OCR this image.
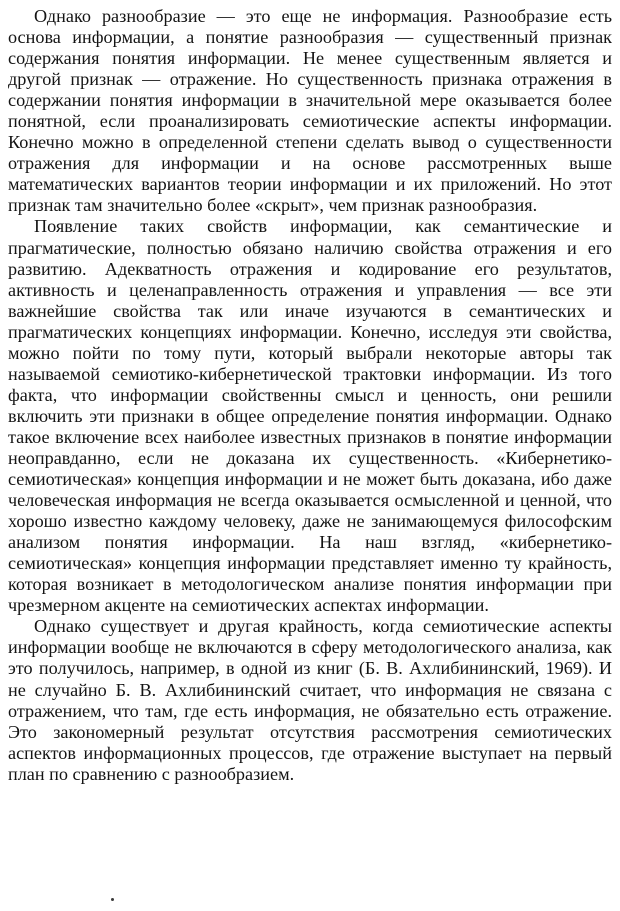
Однако разнообразие — это еще не информация. Разнообразие есть основа информации, а понятие разнообразия — существенный признак содержания понятия информации. Не менее существенным является и другой признак — отражение. Но существенность признака отражения в содержании понятия информации в значительной мере оказывается более понятной, если проанализировать семиотические аспекты информации. Конечно можно в определенной степени сделать вывод о существенности отражения для информации и на основе рассмотренных выше математических вариантов теории информации и их приложений. Но этот признак там значительно более «скрыт», чем признак разнообразия.

Появление таких свойств информации, как семантические и прагматические, полностью обязано наличию свойства отражения и его развитию. Адекватность отражения и кодирование его результатов, активность и целенаправленность отражения и управления — все эти важнейшие свойства так или иначе изучаются в семантических и прагматических концепциях информации. Конечно, исследуя эти свойства, можно пойти по тому пути, который выбрали некоторые авторы так называемой семиотико-кибернетической трактовки информации. Из того факта, что информации свойственны смысл и ценность, они решили включить эти признаки в общее определение понятия информации. Однако такое включение всех наиболее известных признаков в понятие информации неоправданно, если не доказана их существенность. «Кибернетико-семиотическая» концепция информации и не может быть доказана, ибо даже человеческая информация не всегда оказывается осмысленной и ценной, что хорошо известно каждому человеку, даже не занимающемуся философским анализом понятия информации. На наш взгляд, «кибернетико-семиотическая» концепция информации представляет именно ту крайность, которая возникает в методологическом анализе понятия информации при чрезмерном акценте на семиотических аспектах информации.

Однако существует и другая крайность, когда семиотические аспекты информации вообще не включаются в сферу методологического анализа, как это получилось, например, в одной из книг (Б. В. Ахлибининский, 1969). И не случайно Б. В. Ахлибининский считает, что информация не связана с отражением, что там, где есть информация, не обязательно есть отражение. Это закономерный результат отсутствия рассмотрения семиотических аспектов информационных процессов, где отражение выступает на первый план по сравнению с разнообразием.
